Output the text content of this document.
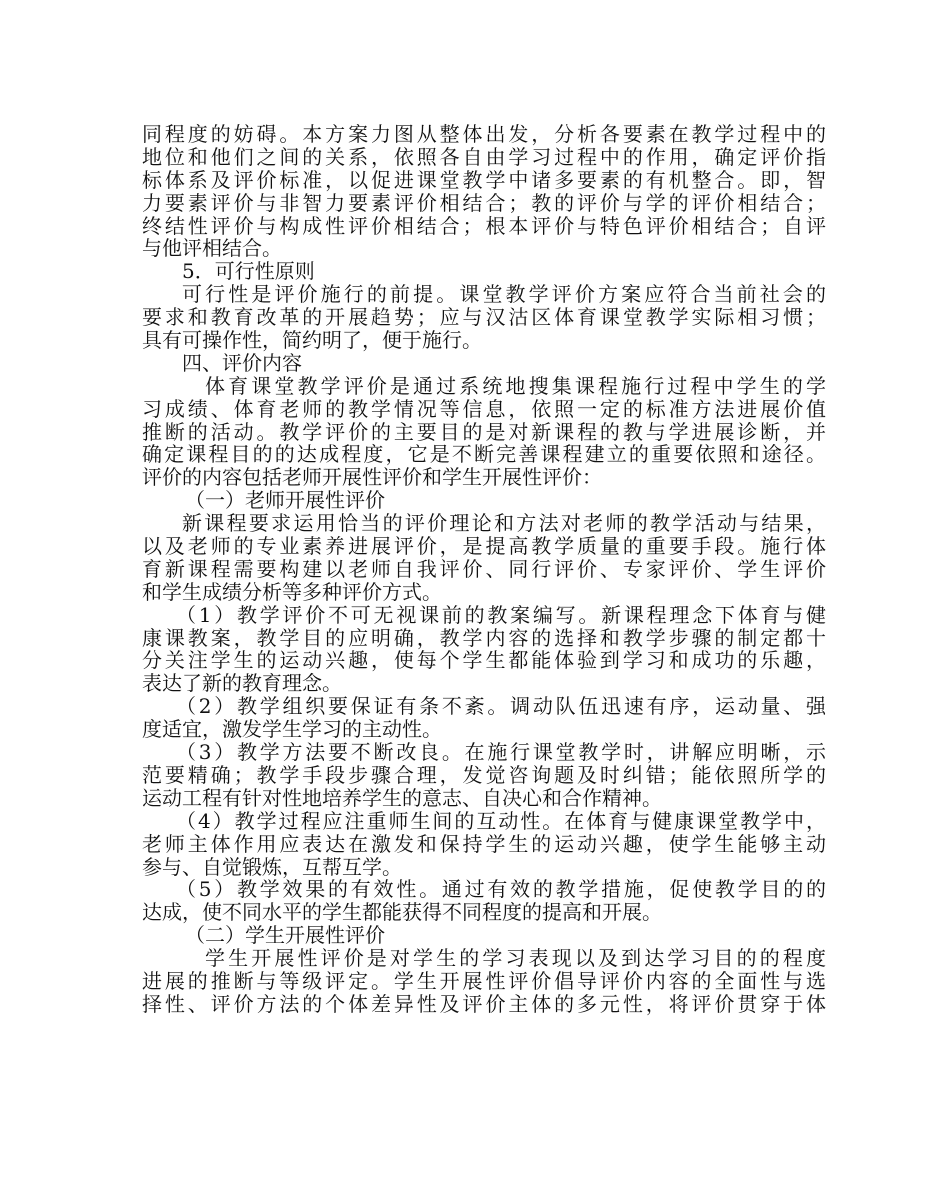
同程度的妨碍。本方案力图从整体出发，分析各要素在教学过程中的
地位和他们之间的关系，依照各自由学习过程中的作用，确定评价指
标体系及评价标准，以促进课堂教学中诸多要素的有机整合。即，智
力要素评价与非智力要素评价相结合；教的评价与学的评价相结合；
终结性评价与构成性评价相结合；根本评价与特色评价相结合；自评
与他评相结合。
5．可行性原则
可行性是评价施行的前提。课堂教学评价方案应符合当前社会的
要求和教育改革的开展趋势；应与汉沽区体育课堂教学实际相习惯；
具有可操作性，简约明了，便于施行。
四、评价内容
体育课堂教学评价是通过系统地搜集课程施行过程中学生的学
习成绩、体育老师的教学情况等信息，依照一定的标准方法进展价值
推断的活动。教学评价的主要目的是对新课程的教与学进展诊断，并
确定课程目的的达成程度，它是不断完善课程建立的重要依照和途径。
评价的内容包括老师开展性评价和学生开展性评价：
（一）老师开展性评价
新课程要求运用恰当的评价理论和方法对老师的教学活动与结果，
以及老师的专业素养进展评价，是提高教学质量的重要手段。施行体
育新课程需要构建以老师自我评价、同行评价、专家评价、学生评价
和学生成绩分析等多种评价方式。
（1）教学评价不可无视课前的教案编写。新课程理念下体育与健
康课教案，教学目的应明确，教学内容的选择和教学步骤的制定都十
分关注学生的运动兴趣，使每个学生都能体验到学习和成功的乐趣，
表达了新的教育理念。
（2）教学组织要保证有条不紊。调动队伍迅速有序，运动量、强
度适宜，激发学生学习的主动性。
（3）教学方法要不断改良。在施行课堂教学时，讲解应明晰，示
范要精确；教学手段步骤合理，发觉咨询题及时纠错；能依照所学的
运动工程有针对性地培养学生的意志、自决心和合作精神。
（4）教学过程应注重师生间的互动性。在体育与健康课堂教学中，
老师主体作用应表达在激发和保持学生的运动兴趣，使学生能够主动
参与、自觉锻炼，互帮互学。
（5）教学效果的有效性。通过有效的教学措施，促使教学目的的
达成，使不同水平的学生都能获得不同程度的提高和开展。
（二）学生开展性评价
学生开展性评价是对学生的学习表现以及到达学习目的的程度
进展的推断与等级评定。学生开展性评价倡导评价内容的全面性与选
择性、评价方法的个体差异性及评价主体的多元性，将评价贯穿于体
